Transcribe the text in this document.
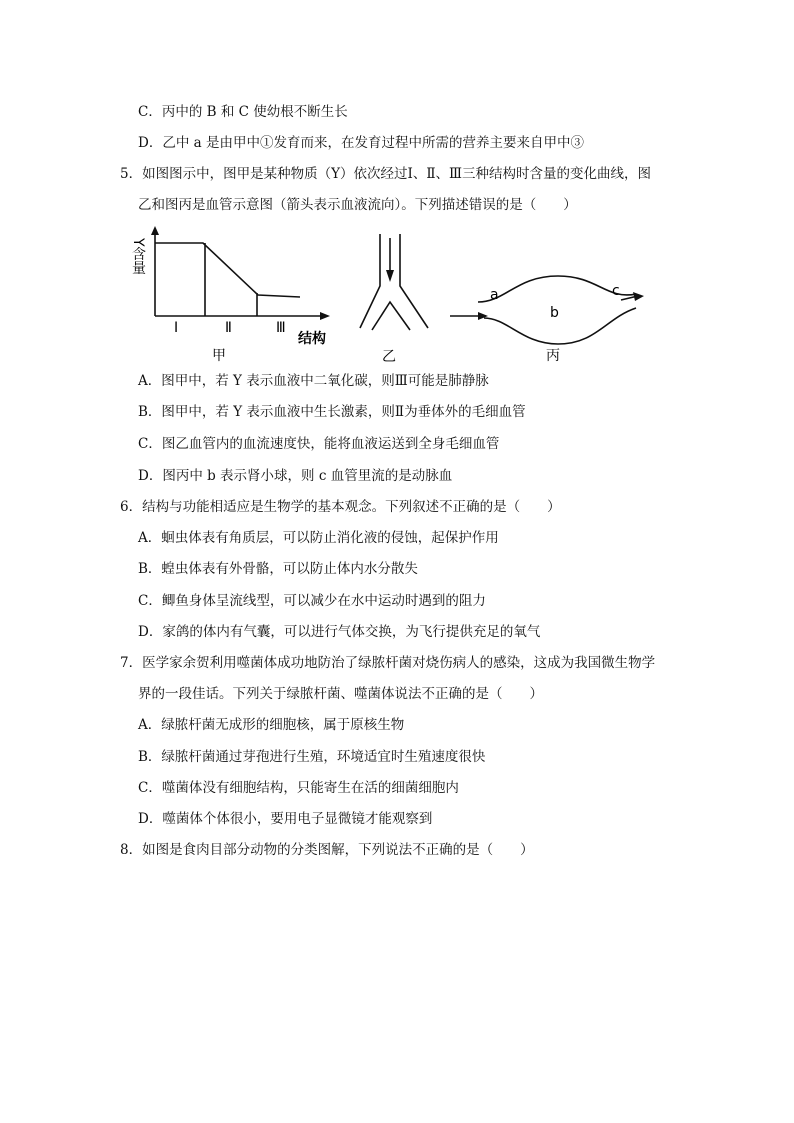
C．丙中的 B 和 C 使幼根不断生长
D．乙中 a 是由甲中①发育而来，在发育过程中所需的营养主要来自甲中③
5．如图图示中，图甲是某种物质（Y）依次经过Ⅰ、Ⅱ、Ⅲ三种结构时含量的变化曲线，图
乙和图丙是血管示意图（箭头表示血液流向）。下列描述错误的是（　　）
Y含量
Ⅰ	Ⅱ	Ⅲ
结构
甲	乙
a
b
c
丙
A．图甲中，若 Y 表示血液中二氧化碳，则Ⅲ可能是肺静脉
B．图甲中，若 Y 表示血液中生长激素，则Ⅱ为垂体外的毛细血管
C．图乙血管内的血流速度快，能将血液运送到全身毛细血管
D．图丙中 b 表示肾小球，则 c 血管里流的是动脉血
6．结构与功能相适应是生物学的基本观念。下列叙述不正确的是（　　）
A．蛔虫体表有角质层，可以防止消化液的侵蚀，起保护作用
B．蝗虫体表有外骨骼，可以防止体内水分散失
C．鲫鱼身体呈流线型，可以减少在水中运动时遇到的阻力
D．家鸽的体内有气囊，可以进行气体交换，为飞行提供充足的氧气
7．医学家余贺利用噬菌体成功地防治了绿脓杆菌对烧伤病人的感染，这成为我国微生物学
界的一段佳话。下列关于绿脓杆菌、噬菌体说法不正确的是（　　）
A．绿脓杆菌无成形的细胞核，属于原核生物
B．绿脓杆菌通过芽孢进行生殖，环境适宜时生殖速度很快
C．噬菌体没有细胞结构，只能寄生在活的细菌细胞内
D．噬菌体个体很小，要用电子显微镜才能观察到
8．如图是食肉目部分动物的分类图解，下列说法不正确的是（　　）
